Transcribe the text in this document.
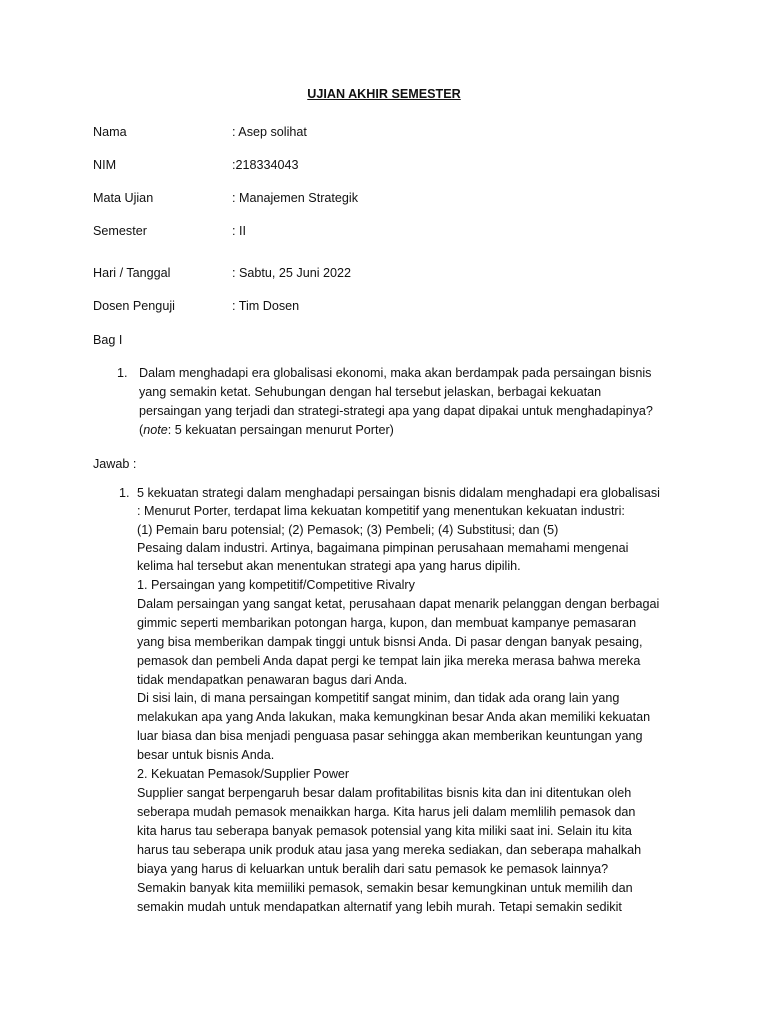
UJIAN AKHIR SEMESTER
Nama	: Asep solihat
NIM	:218334043
Mata Ujian	: Manajemen Strategik
Semester	: II
Hari / Tanggal	: Sabtu, 25 Juni 2022
Dosen Penguji	: Tim Dosen
Bag I
1. Dalam menghadapi era globalisasi ekonomi, maka akan berdampak pada persaingan bisnis
yang semakin ketat. Sehubungan dengan hal tersebut jelaskan, berbagai kekuatan
persaingan yang terjadi dan strategi-strategi apa yang dapat dipakai untuk menghadapinya?
(note: 5 kekuatan persaingan menurut Porter)
Jawab :
1. 5 kekuatan strategi dalam menghadapi persaingan bisnis didalam menghadapi era globalisasi
: Menurut Porter, terdapat lima kekuatan kompetitif yang menentukan kekuatan industri:
(1) Pemain baru potensial; (2) Pemasok; (3) Pembeli; (4) Substitusi; dan (5)
Pesaing dalam industri. Artinya, bagaimana pimpinan perusahaan memahami mengenai
kelima hal tersebut akan menentukan strategi apa yang harus dipilih.
1. Persaingan yang kompetitif/Competitive Rivalry
Dalam persaingan yang sangat ketat, perusahaan dapat menarik pelanggan dengan berbagai
gimmic seperti membarikan potongan harga, kupon, dan membuat kampanye pemasaran
yang bisa memberikan dampak tinggi untuk bisnsi Anda. Di pasar dengan banyak pesaing,
pemasok dan pembeli Anda dapat pergi ke tempat lain jika mereka merasa bahwa mereka
tidak mendapatkan penawaran bagus dari Anda.
Di sisi lain, di mana persaingan kompetitif sangat minim, dan tidak ada orang lain yang
melakukan apa yang Anda lakukan, maka kemungkinan besar Anda akan memiliki kekuatan
luar biasa dan bisa menjadi penguasa pasar sehingga akan memberikan keuntungan yang
besar untuk bisnis Anda.
2. Kekuatan Pemasok/Supplier Power
Supplier sangat berpengaruh besar dalam profitabilitas bisnis kita dan ini ditentukan oleh
seberapa mudah pemasok menaikkan harga. Kita harus jeli dalam memlilih pemasok dan
kita harus tau seberapa banyak pemasok potensial yang kita miliki saat ini. Selain itu kita
harus tau seberapa unik produk atau jasa yang mereka sediakan, dan seberapa mahalkah
biaya yang harus di keluarkan untuk beralih dari satu pemasok ke pemasok lainnya?
Semakin banyak kita memiiliki pemasok, semakin besar kemungkinan untuk memilih dan
semakin mudah untuk mendapatkan alternatif yang lebih murah. Tetapi semakin sedikit
